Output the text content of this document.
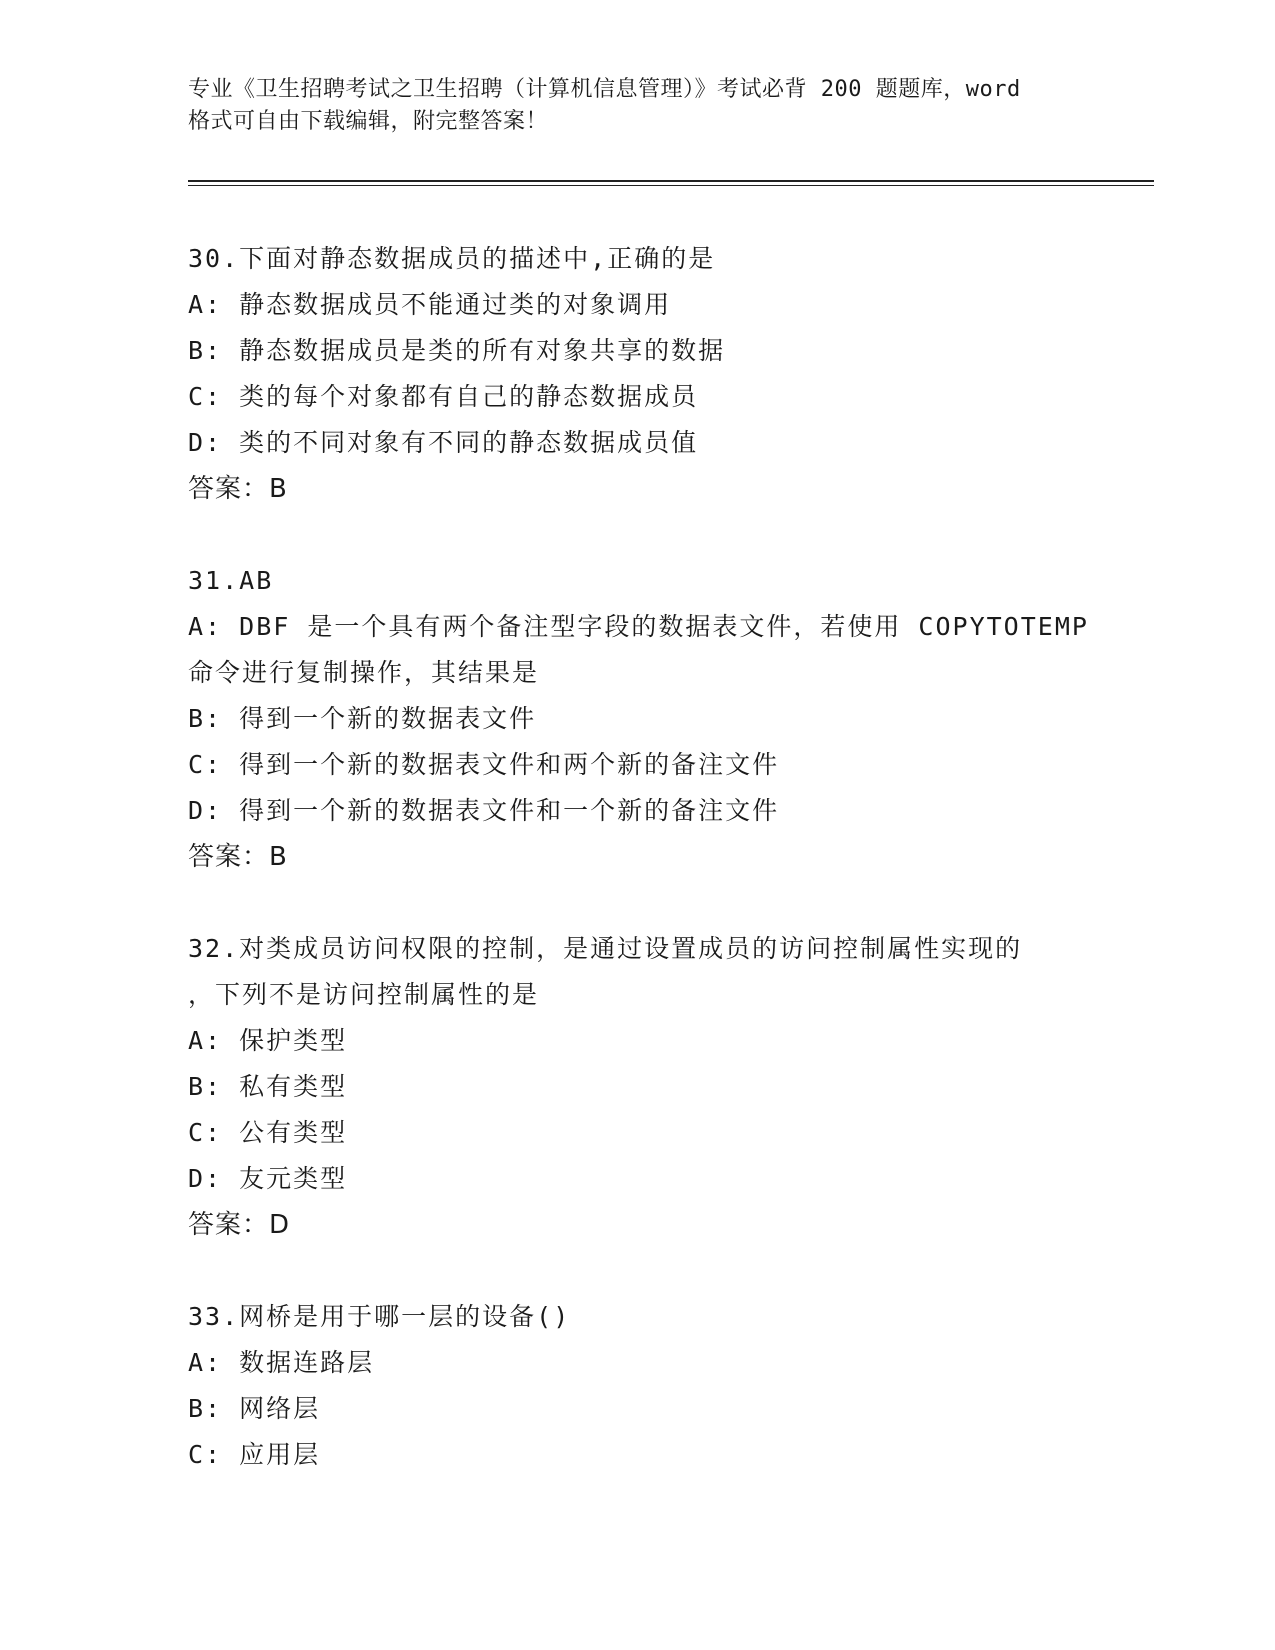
专业《卫生招聘考试之卫生招聘（计算机信息管理）》考试必背 200 题题库，word
格式可自由下载编辑，附完整答案！
30.下面对静态数据成员的描述中,正确的是
A: 静态数据成员不能通过类的对象调用
B: 静态数据成员是类的所有对象共享的数据
C: 类的每个对象都有自己的静态数据成员
D: 类的不同对象有不同的静态数据成员值
答案：B
31.AB
A: DBF 是一个具有两个备注型字段的数据表文件，若使用 COPYTOTEMP
命令进行复制操作，其结果是
B: 得到一个新的数据表文件
C: 得到一个新的数据表文件和两个新的备注文件
D: 得到一个新的数据表文件和一个新的备注文件
答案：B
32.对类成员访问权限的控制，是通过设置成员的访问控制属性实现的
，下列不是访问控制属性的是
A: 保护类型
B: 私有类型
C: 公有类型
D: 友元类型
答案：D
33.网桥是用于哪一层的设备()
A: 数据连路层
B: 网络层
C: 应用层
